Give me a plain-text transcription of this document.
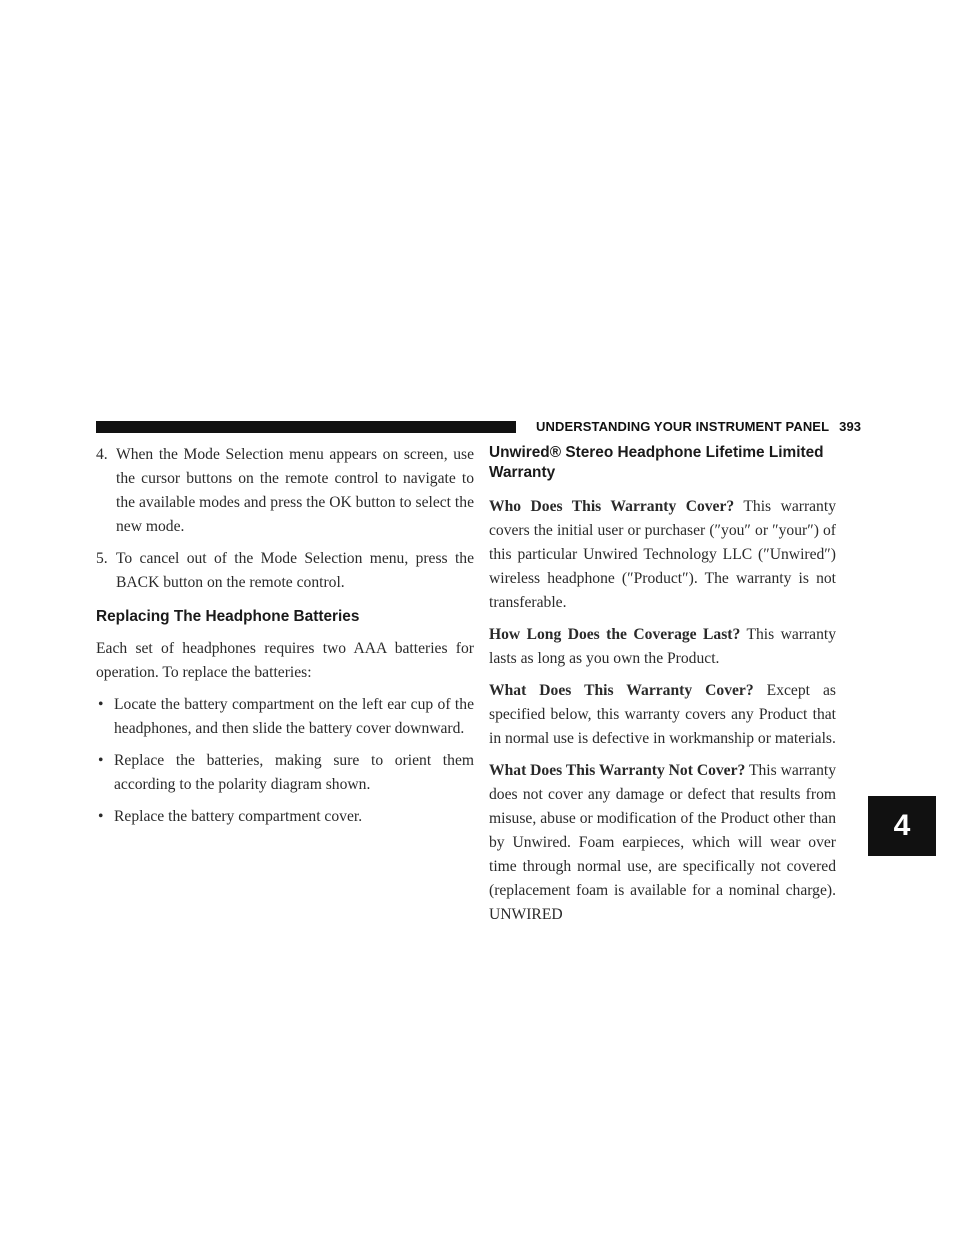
UNDERSTANDING YOUR INSTRUMENT PANEL 393
4
4. When the Mode Selection menu appears on screen, use the cursor buttons on the remote control to navigate to the available modes and press the OK button to select the new mode.
5. To cancel out of the Mode Selection menu, press the BACK button on the remote control.
Replacing The Headphone Batteries

Each set of headphones requires two AAA batteries for operation. To replace the batteries:

• Locate the battery compartment on the left ear cup of the headphones, and then slide the battery cover downward.
• Replace the batteries, making sure to orient them according to the polarity diagram shown.
• Replace the battery compartment cover.
Unwired® Stereo Headphone Lifetime Limited Warranty

Who Does This Warranty Cover? This warranty covers the initial user or purchaser (″you″ or ″your″) of this particular Unwired Technology LLC (″Unwired″) wireless headphone (″Product″). The warranty is not transferable.

How Long Does the Coverage Last? This warranty lasts as long as you own the Product.

What Does This Warranty Cover? Except as specified below, this warranty covers any Product that in normal use is defective in workmanship or materials.

What Does This Warranty Not Cover? This warranty does not cover any damage or defect that results from misuse, abuse or modification of the Product other than by Unwired. Foam earpieces, which will wear over time through normal use, are specifically not covered (replacement foam is available for a nominal charge). UNWIRED
